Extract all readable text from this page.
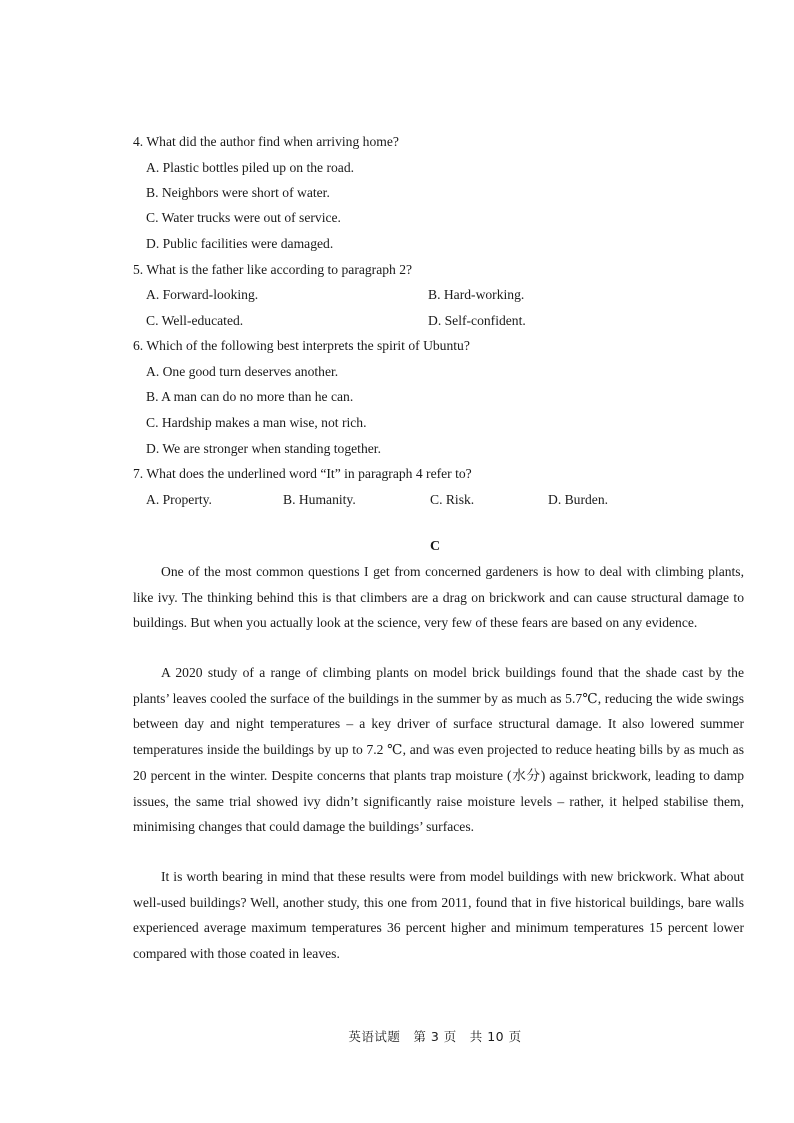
4. What did the author find when arriving home?
A. Plastic bottles piled up on the road.
B. Neighbors were short of water.
C. Water trucks were out of service.
D. Public facilities were damaged.
5. What is the father like according to paragraph 2?
A. Forward-looking.	B. Hard-working.
C. Well-educated.	D. Self-confident.
6. Which of the following best interprets the spirit of Ubuntu?
A. One good turn deserves another.
B. A man can do no more than he can.
C. Hardship makes a man wise, not rich.
D. We are stronger when standing together.
7. What does the underlined word “It” in paragraph 4 refer to?
A. Property.	B. Humanity.	C. Risk.	D. Burden.
C

One of the most common questions I get from concerned gardeners is how to deal with climbing plants, like ivy. The thinking behind this is that climbers are a drag on brickwork and can cause structural damage to buildings. But when you actually look at the science, very few of these fears are based on any evidence.

A 2020 study of a range of climbing plants on model brick buildings found that the shade cast by the plants’ leaves cooled the surface of the buildings in the summer by as much as 5.7℃, reducing the wide swings between day and night temperatures – a key driver of surface structural damage. It also lowered summer temperatures inside the buildings by up to 7.2 ℃, and was even projected to reduce heating bills by as much as 20 percent in the winter. Despite concerns that plants trap moisture (水分) against brickwork, leading to damp issues, the same trial showed ivy didn’t significantly raise moisture levels – rather, it helped stabilise them, minimising changes that could damage the buildings’ surfaces.

It is worth bearing in mind that these results were from model buildings with new brickwork. What about well-used buildings? Well, another study, this one from 2011, found that in five historical buildings, bare walls experienced average maximum temperatures 36 percent higher and minimum temperatures 15 percent lower compared with those coated in leaves.

英语试题　第 3 页　共 10 页
